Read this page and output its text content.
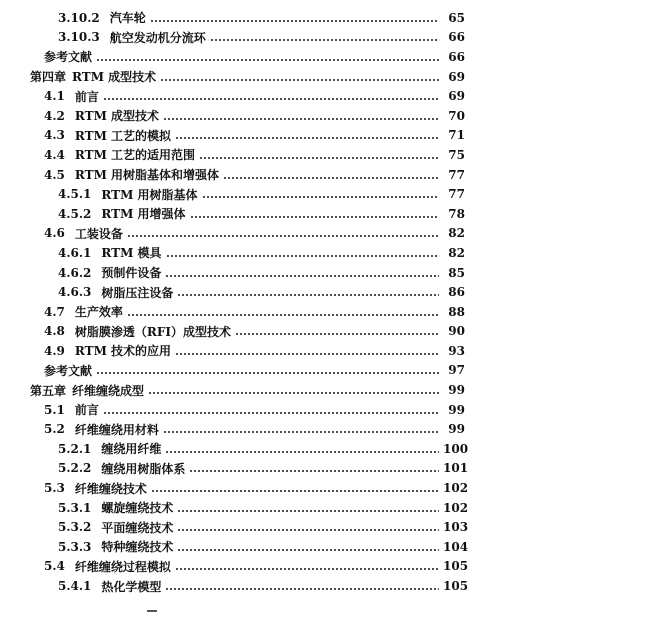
3.10.2 汽车轮	65
3.10.3 航空发动机分流环	66
参考文献	66
第四章 RTM 成型技术	69
4.1 前言	69
4.2 RTM 成型技术	70
4.3 RTM 工艺的模拟	71
4.4 RTM 工艺的适用范围	75
4.5 RTM 用树脂基体和增强体	77
4.5.1 RTM 用树脂基体	77
4.5.2 RTM 用增强体	78
4.6 工装设备	82
4.6.1 RTM 模具	82
4.6.2 预制件设备	85
4.6.3 树脂压注设备	86
4.7 生产效率	88
4.8 树脂膜渗透（RFI）成型技术	90
4.9 RTM 技术的应用	93
参考文献	97
第五章 纤维缠绕成型	99
5.1 前言	99
5.2 纤维缠绕用材料	99
5.2.1 缠绕用纤维	100
5.2.2 缠绕用树脂体系	101
5.3 纤维缠绕技术	102
5.3.1 螺旋缠绕技术	102
5.3.2 平面缠绕技术	103
5.3.3 特种缠绕技术	104
5.4 纤维缠绕过程模拟	105
5.4.1 热化学模型	105
